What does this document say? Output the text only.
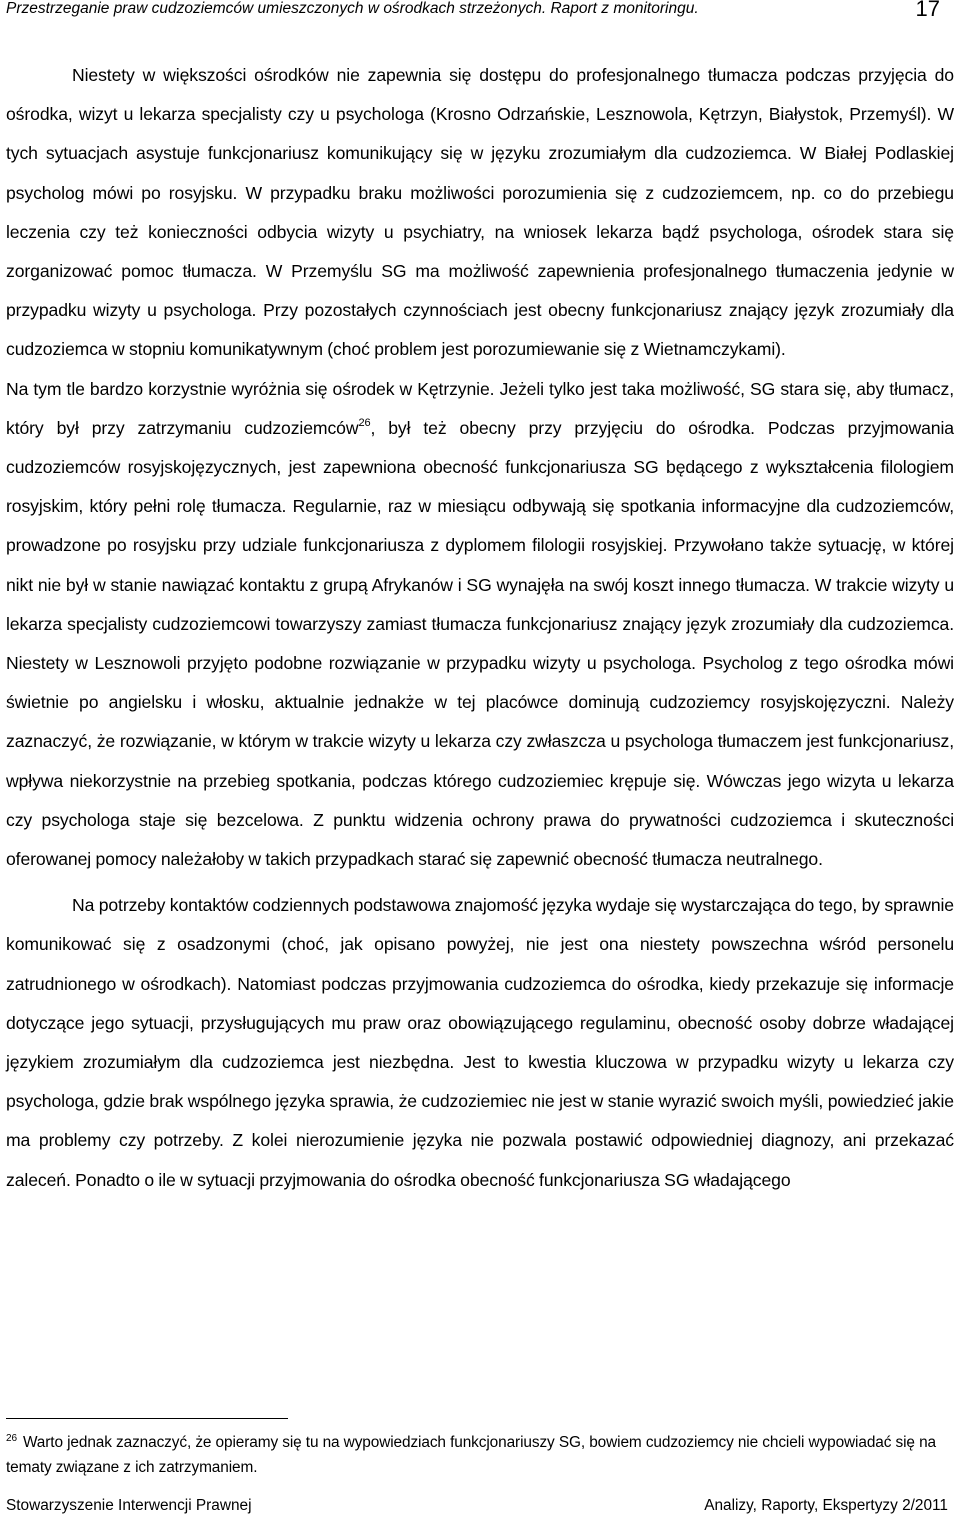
Przestrzeganie praw cudzoziemców umieszczonych w ośrodkach strzeżonych. Raport z monitoringu.	17

Niestety w większości ośrodków nie zapewnia się dostępu do profesjonalnego tłumacza podczas przyjęcia do ośrodka, wizyt u lekarza specjalisty czy u psychologa (Krosno Odrzańskie, Lesznowola, Kętrzyn, Białystok, Przemyśl). W tych sytuacjach asystuje funkcjonariusz komunikujący się w języku zrozumiałym dla cudzoziemca. W Białej Podlaskiej psycholog mówi po rosyjsku. W przypadku braku możliwości porozumienia się z cudzoziemcem, np. co do przebiegu leczenia czy też konieczności odbycia wizyty u psychiatry, na wniosek lekarza bądź psychologa, ośrodek stara się zorganizować pomoc tłumacza. W Przemyślu SG ma możliwość zapewnienia profesjonalnego tłumaczenia jedynie w przypadku wizyty u psychologa. Przy pozostałych czynnościach jest obecny funkcjonariusz znający język zrozumiały dla cudzoziemca w stopniu komunikatywnym (choć problem jest porozumiewanie się z Wietnamczykami).

Na tym tle bardzo korzystnie wyróżnia się ośrodek w Kętrzynie. Jeżeli tylko jest taka możliwość, SG stara się, aby tłumacz, który był przy zatrzymaniu cudzoziemców$^{26}$, był też obecny przy przyjęciu do ośrodka. Podczas przyjmowania cudzoziemców rosyjskojęzycznych, jest zapewniona obecność funkcjonariusza SG będącego z wykształcenia filologiem rosyjskim, który pełni rolę tłumacza. Regularnie, raz w miesiącu odbywają się spotkania informacyjne dla cudzoziemców, prowadzone po rosyjsku przy udziale funkcjonariusza z dyplomem filologii rosyjskiej. Przywołano także sytuację, w której nikt nie był w stanie nawiązać kontaktu z grupą Afrykanów i SG wynajęła na swój koszt innego tłumacza. W trakcie wizyty u lekarza specjalisty cudzoziemcowi towarzyszy zamiast tłumacza funkcjonariusz znający język zrozumiały dla cudzoziemca. Niestety w Lesznowoli przyjęto podobne rozwiązanie w przypadku wizyty u psychologa. Psycholog z tego ośrodka mówi świetnie po angielsku i włosku, aktualnie jednakże w tej placówce dominują cudzoziemcy rosyjskojęzyczni. Należy zaznaczyć, że rozwiązanie, w którym w trakcie wizyty u lekarza czy zwłaszcza u psychologa tłumaczem jest funkcjonariusz, wpływa niekorzystnie na przebieg spotkania, podczas którego cudzoziemiec krępuje się. Wówczas jego wizyta u lekarza czy psychologa staje się bezcelowa. Z punktu widzenia ochrony prawa do prywatności cudzoziemca i skuteczności oferowanej pomocy należałoby w takich przypadkach starać się zapewnić obecność tłumacza neutralnego.

Na potrzeby kontaktów codziennych podstawowa znajomość języka wydaje się wystarczająca do tego, by sprawnie komunikować się z osadzonymi (choć, jak opisano powyżej, nie jest ona niestety powszechna wśród personelu zatrudnionego w ośrodkach). Natomiast podczas przyjmowania cudzoziemca do ośrodka, kiedy przekazuje się informacje dotyczące jego sytuacji, przysługujących mu praw oraz obowiązującego regulaminu, obecność osoby dobrze władającej językiem zrozumiałym dla cudzoziemca jest niezbędna. Jest to kwestia kluczowa w przypadku wizyty u lekarza czy psychologa, gdzie brak wspólnego języka sprawia, że cudzoziemiec nie jest w stanie wyrazić swoich myśli, powiedzieć jakie ma problemy czy potrzeby. Z kolei nierozumienie języka nie pozwala postawić odpowiedniej diagnozy, ani przekazać zaleceń. Ponadto o ile w sytuacji przyjmowania do ośrodka obecność funkcjonariusza SG władającego

$^{26}$ Warto jednak zaznaczyć, że opieramy się tu na wypowiedziach funkcjonariuszy SG, bowiem cudzoziemcy nie chcieli wypowiadać się na tematy związane z ich zatrzymaniem.

Stowarzyszenie Interwencji Prawnej	Analizy, Raporty, Ekspertyzy 2/2011
